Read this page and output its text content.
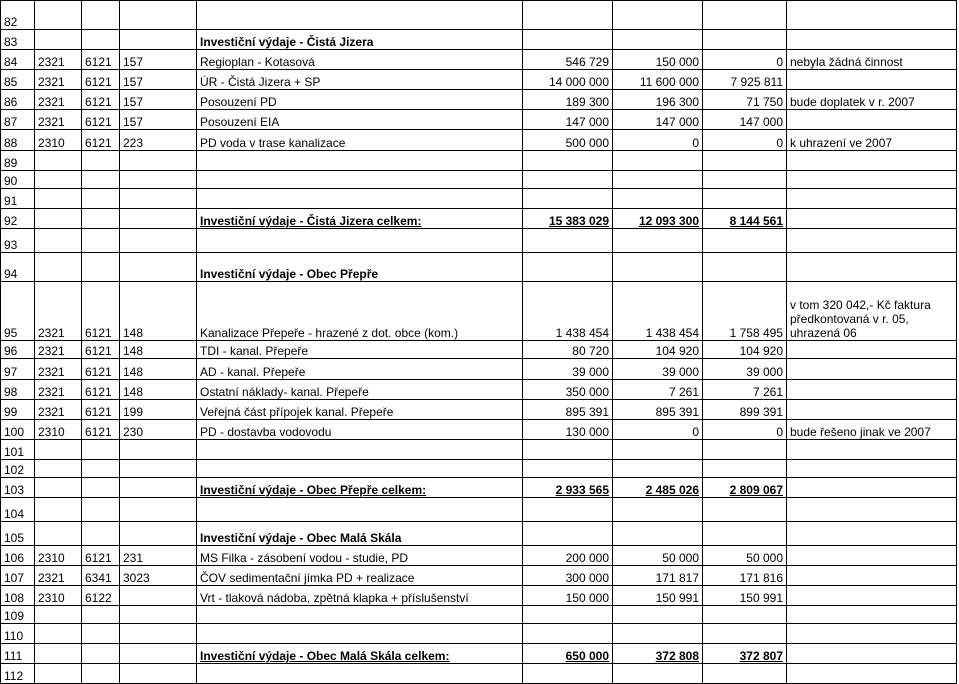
82								
83				Investiční výdaje - Čistá Jizera				
84	2321	6121	157	Regioplan - Kotasová	546 729	150 000	0	nebyla žádná činnost
85	2321	6121	157	ÚR - Čistá Jizera + SP	14 000 000	11 600 000	7 925 811	
86	2321	6121	157	Posouzení PD	189 300	196 300	71 750	bude doplatek v r. 2007
87	2321	6121	157	Posouzení EIA	147 000	147 000	147 000	
88	2310	6121	223	PD voda v trase kanalizace	500 000	0	0	k uhrazení ve 2007
89								
90								
91								
92				Investiční výdaje - Čistá Jizera celkem:	15 383 029	12 093 300	8 144 561	
93								
94				Investiční výdaje - Obec Přepře				
95	2321	6121	148	Kanalizace Přepeře - hrazené z dot. obce (kom.)	1 438 454	1 438 454	1 758 495	v tom 320 042,- Kč faktura předkontovaná v r. 05, uhrazená 06
96	2321	6121	148	TDI - kanal. Přepeře	80 720	104 920	104 920	
97	2321	6121	148	AD - kanal. Přepeře	39 000	39 000	39 000	
98	2321	6121	148	Ostatní náklady- kanal. Přepeře	350 000	7 261	7 261	
99	2321	6121	199	Veřejná část přípojek kanal. Přepeře	895 391	895 391	899 391	
100	2310	6121	230	PD - dostavba vodovodu	130 000	0	0	bude řešeno jinak ve 2007
101								
102								
103				Investiční výdaje - Obec Přepře celkem:	2 933 565	2 485 026	2 809 067	
104								
105				Investiční výdaje - Obec Malá Skála				
106	2310	6121	231	MS Filka - zásobení vodou - studie, PD	200 000	50 000	50 000	
107	2321	6341	3023	ČOV sedimentační jímka PD + realizace	300 000	171 817	171 816	
108	2310	6122		Vrt - tlaková nádoba, zpětná klapka + příslušenství	150 000	150 991	150 991	
109								
110								
111				Investiční výdaje - Obec Malá Skála celkem:	650 000	372 808	372 807	
112								
